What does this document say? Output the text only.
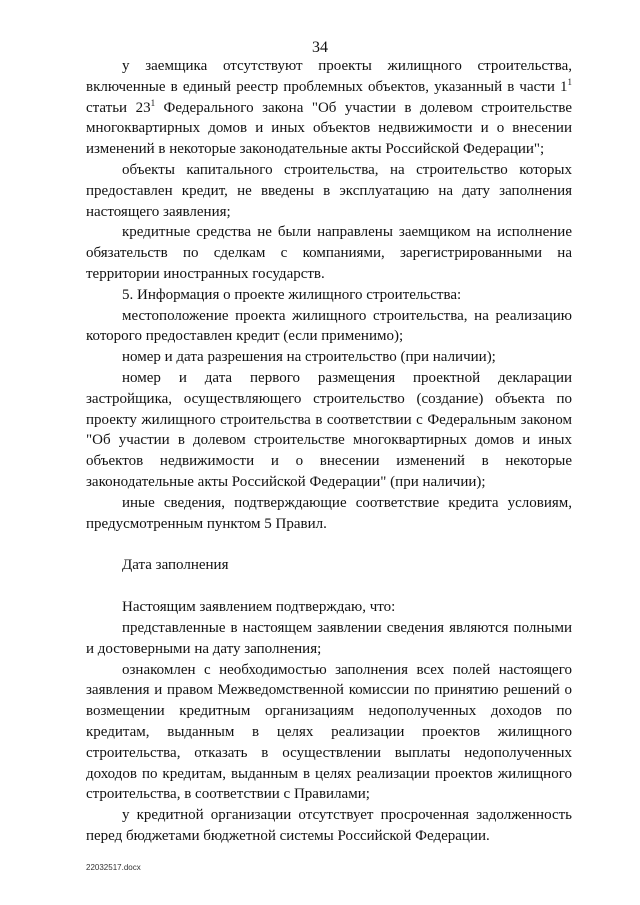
34

у заемщика отсутствуют проекты жилищного строительства, включенные в единый реестр проблемных объектов, указанный в части $1^1$ статьи $23^1$ Федерального закона "Об участии в долевом строительстве многоквартирных домов и иных объектов недвижимости и о внесении изменений в некоторые законодательные акты Российской Федерации";

объекты капитального строительства, на строительство которых предоставлен кредит, не введены в эксплуатацию на дату заполнения настоящего заявления;

кредитные средства не были направлены заемщиком на исполнение обязательств по сделкам с компаниями, зарегистрированными на территории иностранных государств.

5. Информация о проекте жилищного строительства:

местоположение проекта жилищного строительства, на реализацию которого предоставлен кредит (если применимо);

номер и дата разрешения на строительство (при наличии);

номер и дата первого размещения проектной декларации застройщика, осуществляющего строительство (создание) объекта по проекту жилищного строительства в соответствии с Федеральным законом "Об участии в долевом строительстве многоквартирных домов и иных объектов недвижимости и о внесении изменений в некоторые законодательные акты Российской Федерации" (при наличии);

иные сведения, подтверждающие соответствие кредита условиям, предусмотренным пунктом 5 Правил.

Дата заполнения

Настоящим заявлением подтверждаю, что:

представленные в настоящем заявлении сведения являются полными и достоверными на дату заполнения;

ознакомлен с необходимостью заполнения всех полей настоящего заявления и правом Межведомственной комиссии по принятию решений о возмещении кредитным организациям недополученных доходов по кредитам, выданным в целях реализации проектов жилищного строительства, отказать в осуществлении выплаты недополученных доходов по кредитам, выданным в целях реализации проектов жилищного строительства, в соответствии с Правилами;

у кредитной организации отсутствует просроченная задолженность перед бюджетами бюджетной системы Российской Федерации.

22032517.docx
